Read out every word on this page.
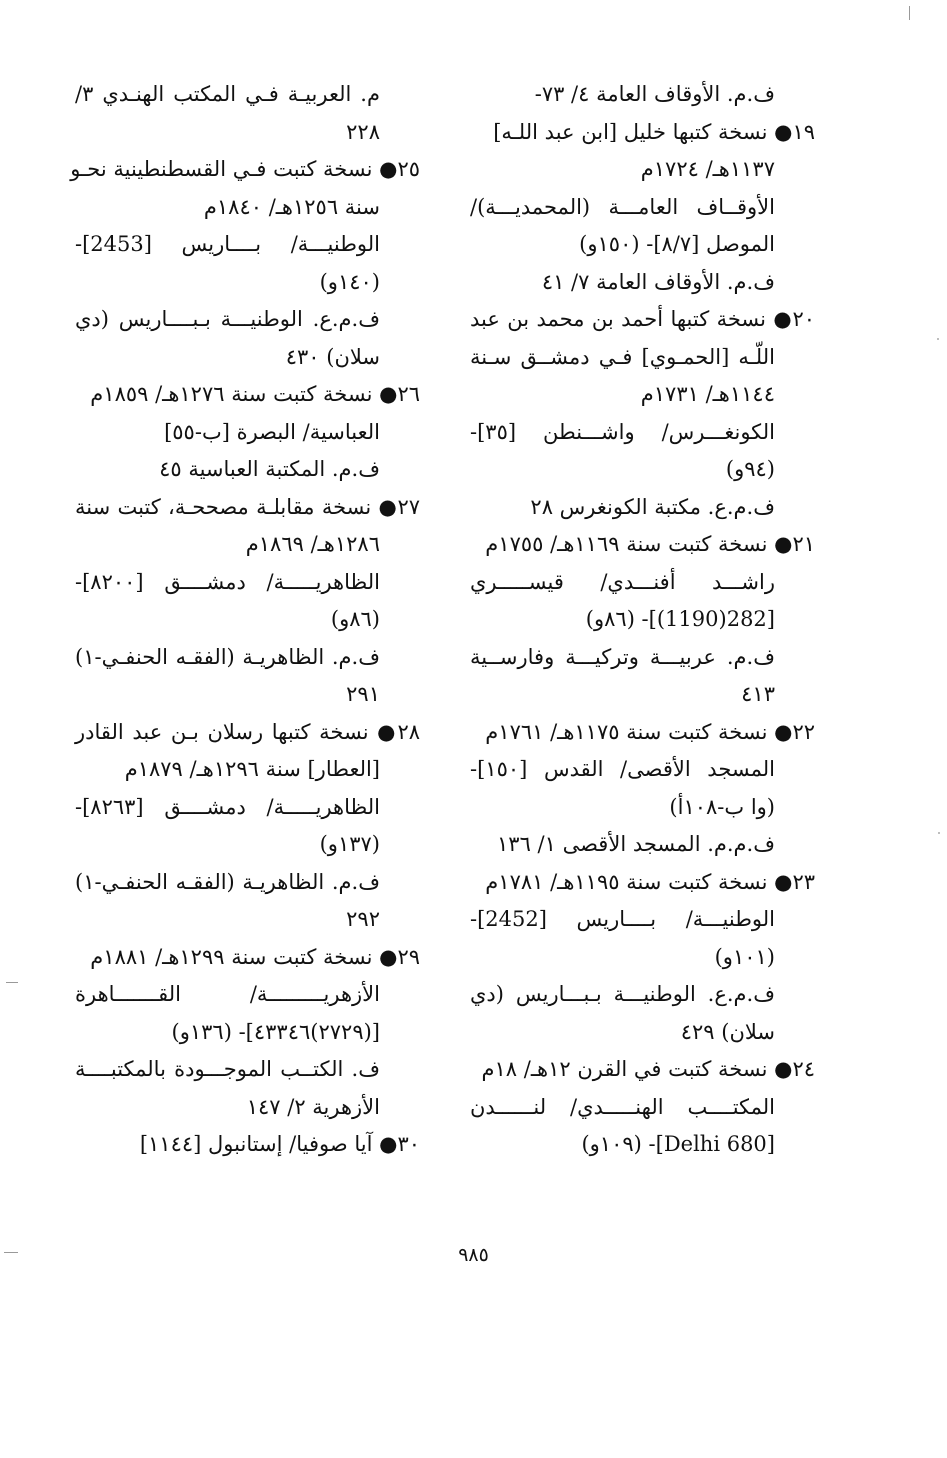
ف.م. الأوقاف العامة ٤/ ٧٣-
١٩● نسخة كتبها خليل [ابن عبد اللـه]
١١٣٧هـ/ ١٧٢٤م
الأوقــاف العامـــة (المحمديـــة)/
الموصل [٨/٧]- (١٥٠و)
ف.م. الأوقاف العامة ٧/ ٤١
٢٠● نسخة كتبها أحمد بن محمد بن عبد
اللّـه [الحمـوي] فـي دمشــق سـنة
١١٤٤هـ/ ١٧٣١م
الكونغـــرس/ واشـــنطن [٣٥]-
(٩٤و)
ف.م.ع. مكتبة الكونغرس ٢٨
٢١● نسخة كتبت سنة ١١٦٩هـ/ ١٧٥٥م
راشـــد أفنـــدي/ قيســـــري
[282(1190)]- (٨٦و)
ف.م. عربيـــة وتركيـــة وفارســية
٤١٣
٢٢● نسخة كتبت سنة ١١٧٥هـ/ ١٧٦١م
المسجد الأقصى/ القدس [١٥٠]-
(وا ب-١٠٨أ)
ف.م.م. المسجد الأقصى ١/ ١٣٦
٢٣● نسخة كتبت سنة ١١٩٥هـ/ ١٧٨١م
الوطنيـــة/ بــــاريس [2452]-
(١٠١و)
ف.م.ع. الوطنيـــة بـبـــاريس (دي
سلان) ٤٢٩
٢٤● نسخة كتبت في القرن ١٢هـ/ ١٨م
المكتــــب الهنـــــدي/ لنــــــدن
[Delhi 680]- (١٠٩و)
م. العربيـة فـي المكتب الهنـدي ٣/
٢٢٨
٢٥● نسخة كتبت فـي القسطنطينية نحـو
سنة ١٢٥٦هـ/ ١٨٤٠م
الوطنيـــة/ بــــاريس [2453]-
(١٤٠و)
ف.م.ع. الوطنيـــة بـبــــاريس (دي
سلان) ٤٣٠
٢٦● نسخة كتبت سنة ١٢٧٦هـ/ ١٨٥٩م
العباسية/ البصرة [ب-٥٥]
ف.م. المكتبة العباسية ٤٥
٢٧● نسخة مقابلـة مصححـة، كتبت سنة
١٢٨٦هـ/ ١٨٦٩م
الظاهريـــــة/ دمشــــق [٨٢٠٠]-
(٨٦و)
ف.م. الظاهريـة (الفقـه الحنفـي-١)
٢٩١
٢٨● نسخة كتبها رسلان بـن عبد القادر
[العطار] سنة ١٢٩٦هـ/ ١٨٧٩م
الظاهريـــــة/ دمشــــق [٨٢٦٣]-
(١٣٧و)
ف.م. الظاهريـة (الفقـه الحنفـي-١)
٢٩٢
٢٩● نسخة كتبت سنة ١٢٩٩هـ/ ١٨٨١م
الأزهريـــــــــة/ القـــــــاهرة
[(٢٧٢٩)٤٣٣٤٦]- (١٣٦و)
ف. الكتــب الموجـــودة بالمكتبــــة
الأزهرية ٢/ ١٤٧
٣٠● آيا صوفيا/ إستانبول [١١٤٤]
٩٨٥
